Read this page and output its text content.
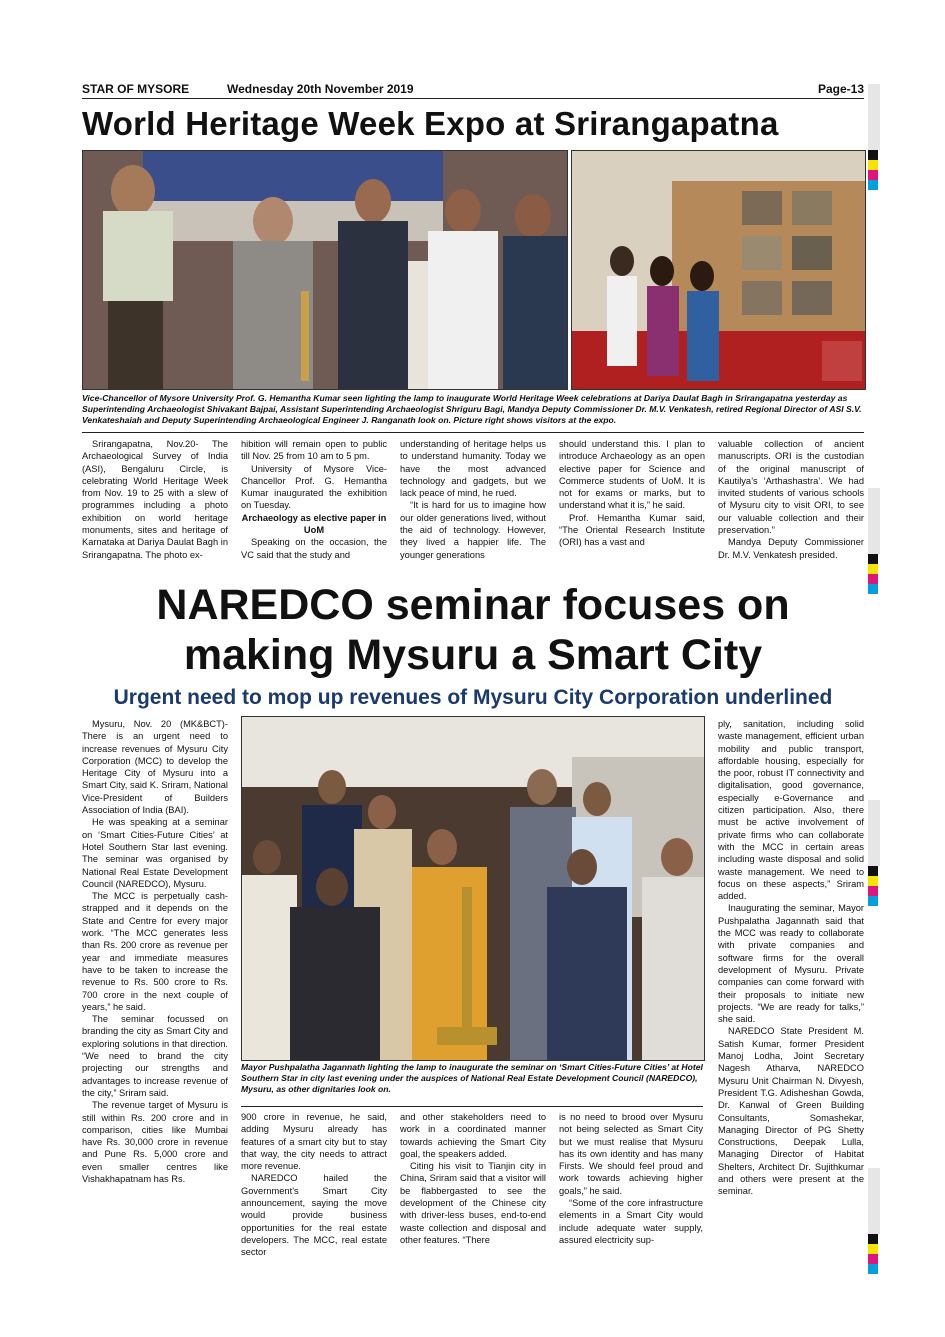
STAR OF MYSORE	Wednesday 20th November 2019	Page-13
World Heritage Week Expo at Srirangapatna
Vice-Chancellor of Mysore University Prof. G. Hemantha Kumar seen lighting the lamp to inaugurate World Heritage Week celebrations at Dariya Daulat Bagh in Srirangapatna yesterday as Superintending Archaeologist Shivakant Bajpai, Assistant Superintending Archaeologist Shriguru Bagi, Mandya Deputy Commissioner Dr. M.V. Venkatesh, retired Regional Director of ASI S.V. Venkateshaiah and Deputy Superintending Archaeological Engineer J. Ranganath look on. Picture right shows visitors at the expo.

Srirangapatna, Nov.20- The Archaeological Survey of India (ASI), Bengaluru Circle, is celebrating World Heritage Week from Nov. 19 to 25 with a slew of programmes including a photo exhibition on world heritage monuments, sites and heritage of Karnataka at Dariya Daulat Bagh in Srirangapatna. The photo ex-

hibition will remain open to public till Nov. 25 from 10 am to 5 pm.

University of Mysore Vice-Chancellor Prof. G. Hemantha Kumar inaugurated the exhibition on Tuesday.

Archaeology as elective paper in UoM

Speaking on the occasion, the VC said that the study and

understanding of heritage helps us to understand humanity. Today we have the most advanced technology and gadgets, but we lack peace of mind, he rued.

“It is hard for us to imagine how our older generations lived, without the aid of technology. However, they lived a happier life. The younger generations

should understand this. I plan to introduce Archaeology as an open elective paper for Science and Commerce students of UoM. It is not for exams or marks, but to understand what it is,” he said.

Prof. Hemantha Kumar said, “The Oriental Research Institute (ORI) has a vast and

valuable collection of ancient manuscripts. ORI is the custodian of the original manuscript of Kautilya’s ‘Arthashastra’. We had invited students of various schools of Mysuru city to visit ORI, to see our valuable collection and their preservation.”

Mandya Deputy Commissioner Dr. M.V. Venkatesh presided.

NAREDCO seminar focuses on
making Mysuru a Smart City
Urgent need to mop up revenues of Mysuru City Corporation underlined

Mysuru, Nov. 20 (MK&BCT)- There is an urgent need to increase revenues of Mysuru City Corporation (MCC) to develop the Heritage City of Mysuru into a Smart City, said K. Sriram, National Vice-President of Builders Association of India (BAI).

He was speaking at a seminar on ‘Smart Cities-Future Cities’ at Hotel Southern Star last evening. The seminar was organised by National Real Estate Development Council (NAREDCO), Mysuru.

The MCC is perpetually cash-strapped and it depends on the State and Centre for every major work. “The MCC generates less than Rs. 200 crore as revenue per year and immediate measures have to be taken to increase the revenue to Rs. 500 crore to Rs. 700 crore in the next couple of years,” he said.

The seminar focussed on branding the city as Smart City and exploring solutions in that direction. “We need to brand the city projecting our strengths and advantages to increase revenue of the city,” Sriram said.

The revenue target of Mysuru is still within Rs. 200 crore and in comparison, cities like Mumbai have Rs. 30,000 crore in revenue and Pune Rs. 5,000 crore and even smaller centres like Vishakhapatnam has Rs.

Mayor Pushpalatha Jagannath lighting the lamp to inaugurate the seminar on ‘Smart Cities-Future Cities’ at Hotel Southern Star in city last evening under the auspices of National Real Estate Development Council (NAREDCO), Mysuru, as other dignitaries look on.

900 crore in revenue, he said, adding Mysuru already has features of a smart city but to stay that way, the city needs to attract more revenue.

NAREDCO hailed the Government’s Smart City announcement, saying the move would provide business opportunities for the real estate developers. The MCC, real estate sector

and other stakeholders need to work in a coordinated manner towards achieving the Smart City goal, the speakers added.

Citing his visit to Tianjin city in China, Sriram said that a visitor will be flabbergasted to see the development of the Chinese city with driver-less buses, end-to-end waste collection and disposal and other features. “There

is no need to brood over Mysuru not being selected as Smart City but we must realise that Mysuru has its own identity and has many Firsts. We should feel proud and work towards achieving higher goals,” he said.

“Some of the core infrastructure elements in a Smart City would include adequate water supply, assured electricity sup-

ply, sanitation, including solid waste management, efficient urban mobility and public transport, affordable housing, especially for the poor, robust IT connectivity and digitalisation, good governance, especially e-Governance and citizen participation. Also, there must be active involvement of private firms who can collaborate with the MCC in certain areas including waste disposal and solid waste management. We need to focus on these aspects,” Sriram added.

Inaugurating the seminar, Mayor Pushpalatha Jagannath said that the MCC was ready to collaborate with private companies and software firms for the overall development of Mysuru. Private companies can come forward with their proposals to initiate new projects. “We are ready for talks,” she said.

NAREDCO State President M. Satish Kumar, former President Manoj Lodha, Joint Secretary Nagesh Atharva, NAREDCO Mysuru Unit Chairman N. Divyesh, President T.G. Adisheshan Gowda, Dr. Kanwal of Green Building Consultants, Somashekar, Managing Director of PG Shetty Constructions, Deepak Lulla, Managing Director of Habitat Shelters, Architect Dr. Sujithkumar and others were present at the seminar.
